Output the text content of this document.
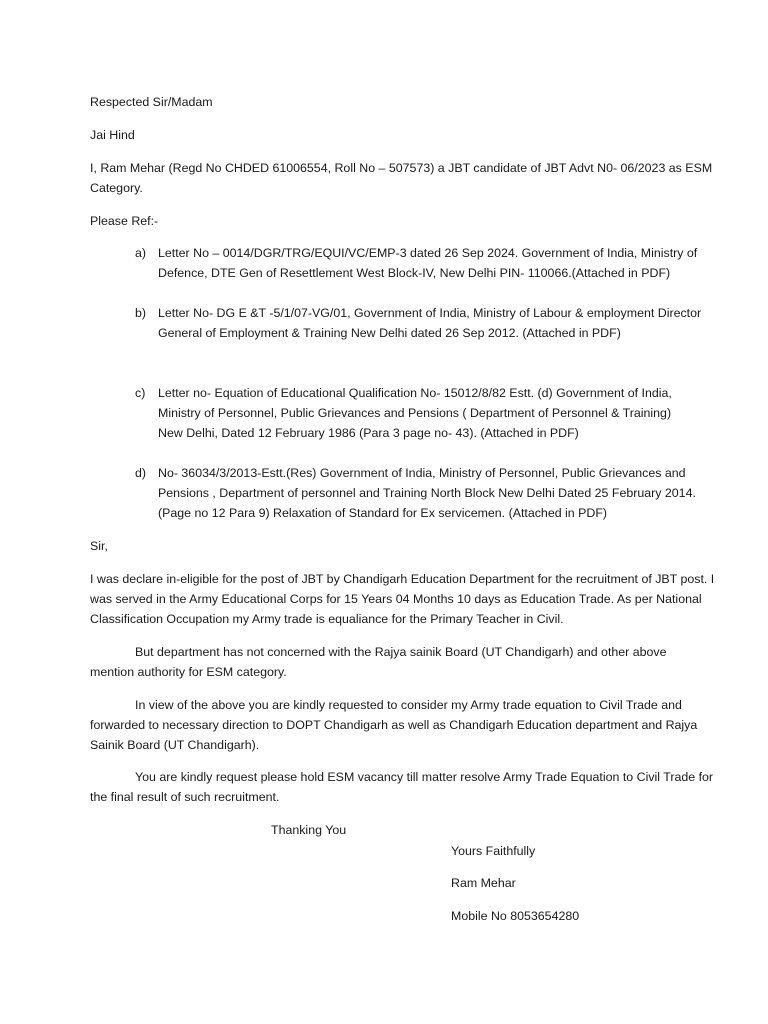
Respected Sir/Madam

Jai Hind

I, Ram Mehar (Regd No CHDED 61006554, Roll No – 507573) a JBT candidate of JBT Advt N0- 06/2023 as ESM Category.

Please Ref:-

a) Letter No – 0014/DGR/TRG/EQUI/VC/EMP-3 dated 26 Sep 2024. Government of India, Ministry of Defence, DTE Gen of Resettlement West Block-IV, New Delhi PIN- 110066.(Attached in PDF)

b) Letter No- DG E &T -5/1/07-VG/01, Government of India, Ministry of Labour & employment Director General of Employment & Training New Delhi dated 26 Sep 2012. (Attached in PDF)

c)	Letter no- Equation of Educational Qualification No- 15012/8/82 Estt. (d) Government of India, Ministry of Personnel, Public Grievances and Pensions ( Department of Personnel & Training) New Delhi, Dated 12 February 1986 (Para 3 page no- 43). (Attached in PDF)

d) No- 36034/3/2013-Estt.(Res) Government of India, Ministry of Personnel, Public Grievances and Pensions , Department of personnel and Training North Block New Delhi Dated 25 February 2014. (Page no 12 Para 9) Relaxation of Standard for Ex servicemen. (Attached in PDF)

Sir,

I was declare in-eligible for the post of JBT by Chandigarh Education Department for the recruitment of JBT post. I was served in the Army Educational Corps for 15 Years 04 Months 10 days as Education Trade. As per National Classification Occupation my Army trade is equaliance for the Primary Teacher in Civil.

But department has not concerned with the Rajya sainik Board (UT Chandigarh) and other above mention authority for ESM category.

In view of the above you are kindly requested to consider my Army trade equation to Civil Trade and forwarded to necessary direction to DOPT Chandigarh as well as Chandigarh Education department and Rajya Sainik Board (UT Chandigarh).

You are kindly request please hold ESM vacancy till matter resolve Army Trade Equation to Civil Trade for the final result of such recruitment.

Thanking You

Yours Faithfully

Ram Mehar

Mobile No 8053654280
